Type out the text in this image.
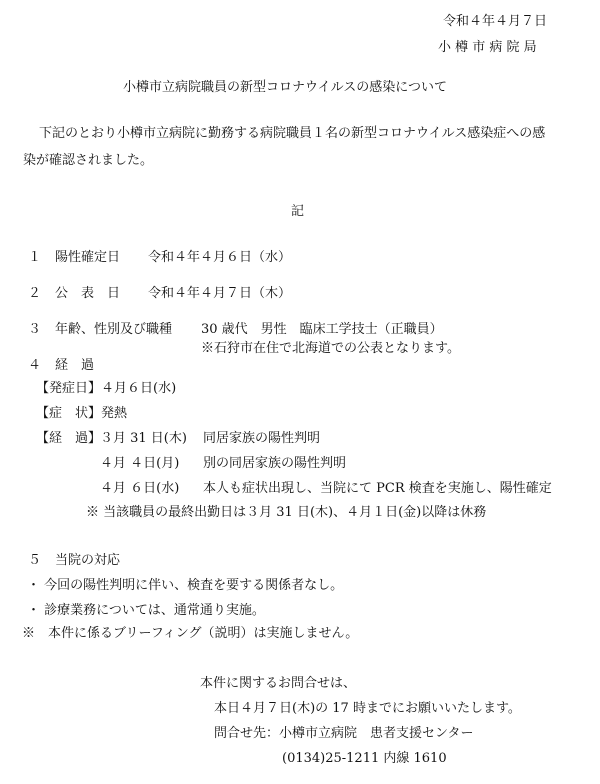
令和４年４月７日
小 樽 市 病 院 局
小樽市立病院職員の新型コロナウイルスの感染について
下記のとおり小樽市立病院に勤務する病院職員１名の新型コロナウイルス感染症への感
染が確認されました。
記
１ 陽性確定日 令和４年４月６日（水）
２ 公　表　日 令和４年４月７日（木）
３ 年齢、性別及び職種 30 歳代　男性　臨床工学技士（正職員）
※石狩市在住で北海道での公表となります。
４ 経　過
【発症日】４月６日(水)
【症　状】発熱
【経　過】
３月 31 日(木) 同居家族の陽性判明
４月 ４日(月) 別の同居家族の陽性判明
４月 ６日(水) 本人も症状出現し、当院にて PCR 検査を実施し、陽性確定
※ 当該職員の最終出勤日は３月 31 日(木)、４月１日(金)以降は休務
５ 当院の対応
・ 今回の陽性判明に伴い、検査を要する関係者なし。
・ 診療業務については、通常通り実施。
※　本件に係るブリーフィング（説明）は実施しません。
本件に関するお問合せは、
本日４月７日(木)の 17 時までにお願いいたします。
問合せ先：小樽市立病院　患者支援センター
(0134)25-1211 内線 1610
